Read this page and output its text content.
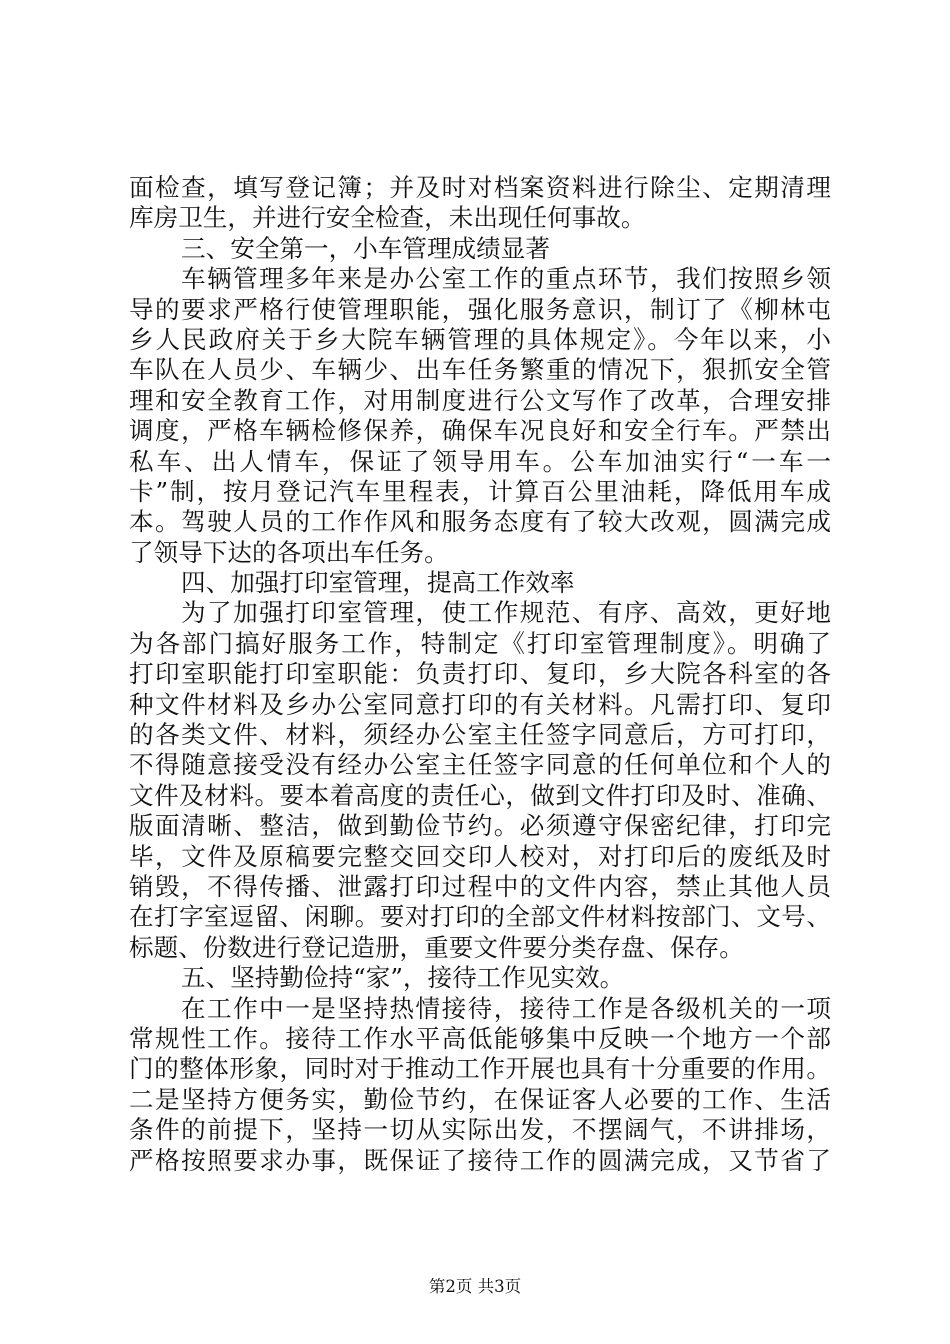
面检查，填写登记簿；并及时对档案资料进行除尘、定期清理
库房卫生，并进行安全检查，未出现任何事故。
三、安全第一，小车管理成绩显著
车辆管理多年来是办公室工作的重点环节，我们按照乡领
导的要求严格行使管理职能，强化服务意识，制订了《柳林屯
乡人民政府关于乡大院车辆管理的具体规定》。今年以来，小
车队在人员少、车辆少、出车任务繁重的情况下，狠抓安全管
理和安全教育工作，对用制度进行公文写作了改革，合理安排
调度，严格车辆检修保养，确保车况良好和安全行车。严禁出
私车、出人情车，保证了领导用车。公车加油实行“一车一
卡”制，按月登记汽车里程表，计算百公里油耗，降低用车成
本。驾驶人员的工作作风和服务态度有了较大改观，圆满完成
了领导下达的各项出车任务。
四、加强打印室管理，提高工作效率
为了加强打印室管理，使工作规范、有序、高效，更好地
为各部门搞好服务工作，特制定《打印室管理制度》。明确了
打印室职能打印室职能：负责打印、复印，乡大院各科室的各
种文件材料及乡办公室同意打印的有关材料。凡需打印、复印
的各类文件、材料，须经办公室主任签字同意后，方可打印，
不得随意接受没有经办公室主任签字同意的任何单位和个人的
文件及材料。要本着高度的责任心，做到文件打印及时、准确、
版面清晰、整洁，做到勤俭节约。必须遵守保密纪律，打印完
毕，文件及原稿要完整交回交印人校对，对打印后的废纸及时
销毁，不得传播、泄露打印过程中的文件内容，禁止其他人员
在打字室逗留、闲聊。要对打印的全部文件材料按部门、文号、
标题、份数进行登记造册，重要文件要分类存盘、保存。
五、坚持勤俭持“家”，接待工作见实效。
在工作中一是坚持热情接待，接待工作是各级机关的一项
常规性工作。接待工作水平高低能够集中反映一个地方一个部
门的整体形象，同时对于推动工作开展也具有十分重要的作用。
二是坚持方便务实，勤俭节约，在保证客人必要的工作、生活
条件的前提下，坚持一切从实际出发，不摆阔气，不讲排场，
严格按照要求办事，既保证了接待工作的圆满完成，又节省了
第2页 共3页
